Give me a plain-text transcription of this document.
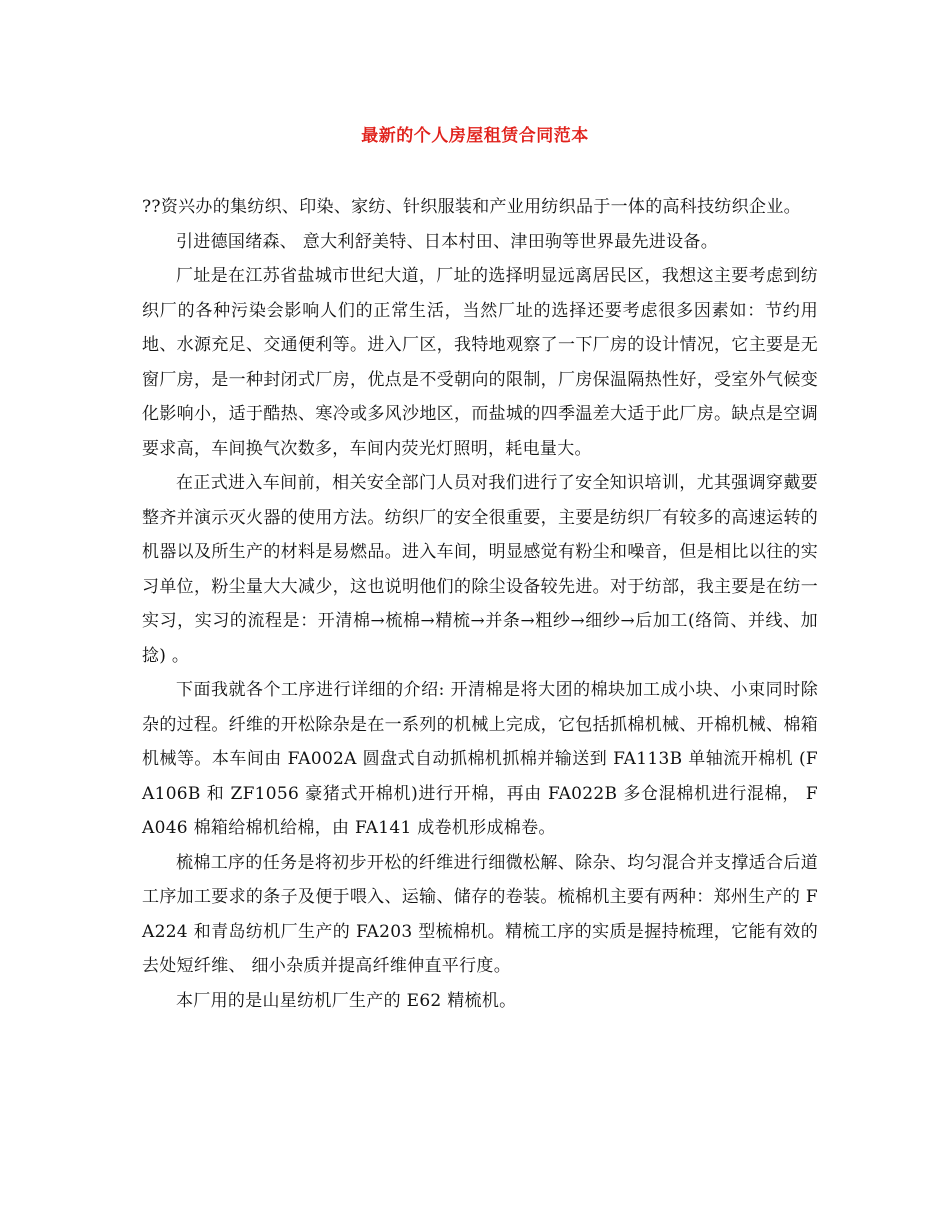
最新的个人房屋租赁合同范本

??资兴办的集纺织、印染、家纺、针织服装和产业用纺织品于一体的高科技纺织企业。

引进德国绪森、 意大利舒美特、日本村田、津田驹等世界最先进设备。

厂址是在江苏省盐城市世纪大道，厂址的选择明显远离居民区，我想这主要考虑到纺织厂的各种污染会影响人们的正常生活，当然厂址的选择还要考虑很多因素如：节约用地、水源充足、交通便利等。进入厂区，我特地观察了一下厂房的设计情况，它主要是无窗厂房，是一种封闭式厂房，优点是不受朝向的限制，厂房保温隔热性好，受室外气候变化影响小，适于酷热、寒冷或多风沙地区，而盐城的四季温差大适于此厂房。缺点是空调要求高，车间换气次数多，车间内荧光灯照明，耗电量大。

在正式进入车间前，相关安全部门人员对我们进行了安全知识培训，尤其强调穿戴要整齐并演示灭火器的使用方法。纺织厂的安全很重要，主要是纺织厂有较多的高速运转的机器以及所生产的材料是易燃品。进入车间，明显感觉有粉尘和噪音，但是相比以往的实习单位，粉尘量大大减少，这也说明他们的除尘设备较先进。对于纺部，我主要是在纺一实习，实习的流程是：开清棉→梳棉→精梳→并条→粗纱→细纱→后加工(络筒、并线、加捻) 。

下面我就各个工序进行详细的介绍: 开清棉是将大团的棉块加工成小块、小束同时除杂的过程。纤维的开松除杂是在一系列的机械上完成，它包括抓棉机械、开棉机械、棉箱机械等。本车间由 FA002A 圆盘式自动抓棉机抓棉并输送到 FA113B 单轴流开棉机 (FA106B 和 ZF1056 豪猪式开棉机)进行开棉，再由 FA022B 多仓混棉机进行混棉， FA046 棉箱给棉机给棉，由 FA141 成卷机形成棉卷。

梳棉工序的任务是将初步开松的纤维进行细微松解、除杂、均匀混合并支撑适合后道工序加工要求的条子及便于喂入、运输、储存的卷装。梳棉机主要有两种：郑州生产的 FA224 和青岛纺机厂生产的 FA203 型梳棉机。精梳工序的实质是握持梳理，它能有效的去处短纤维、 细小杂质并提高纤维伸直平行度。

本厂用的是山星纺机厂生产的 E62 精梳机。
